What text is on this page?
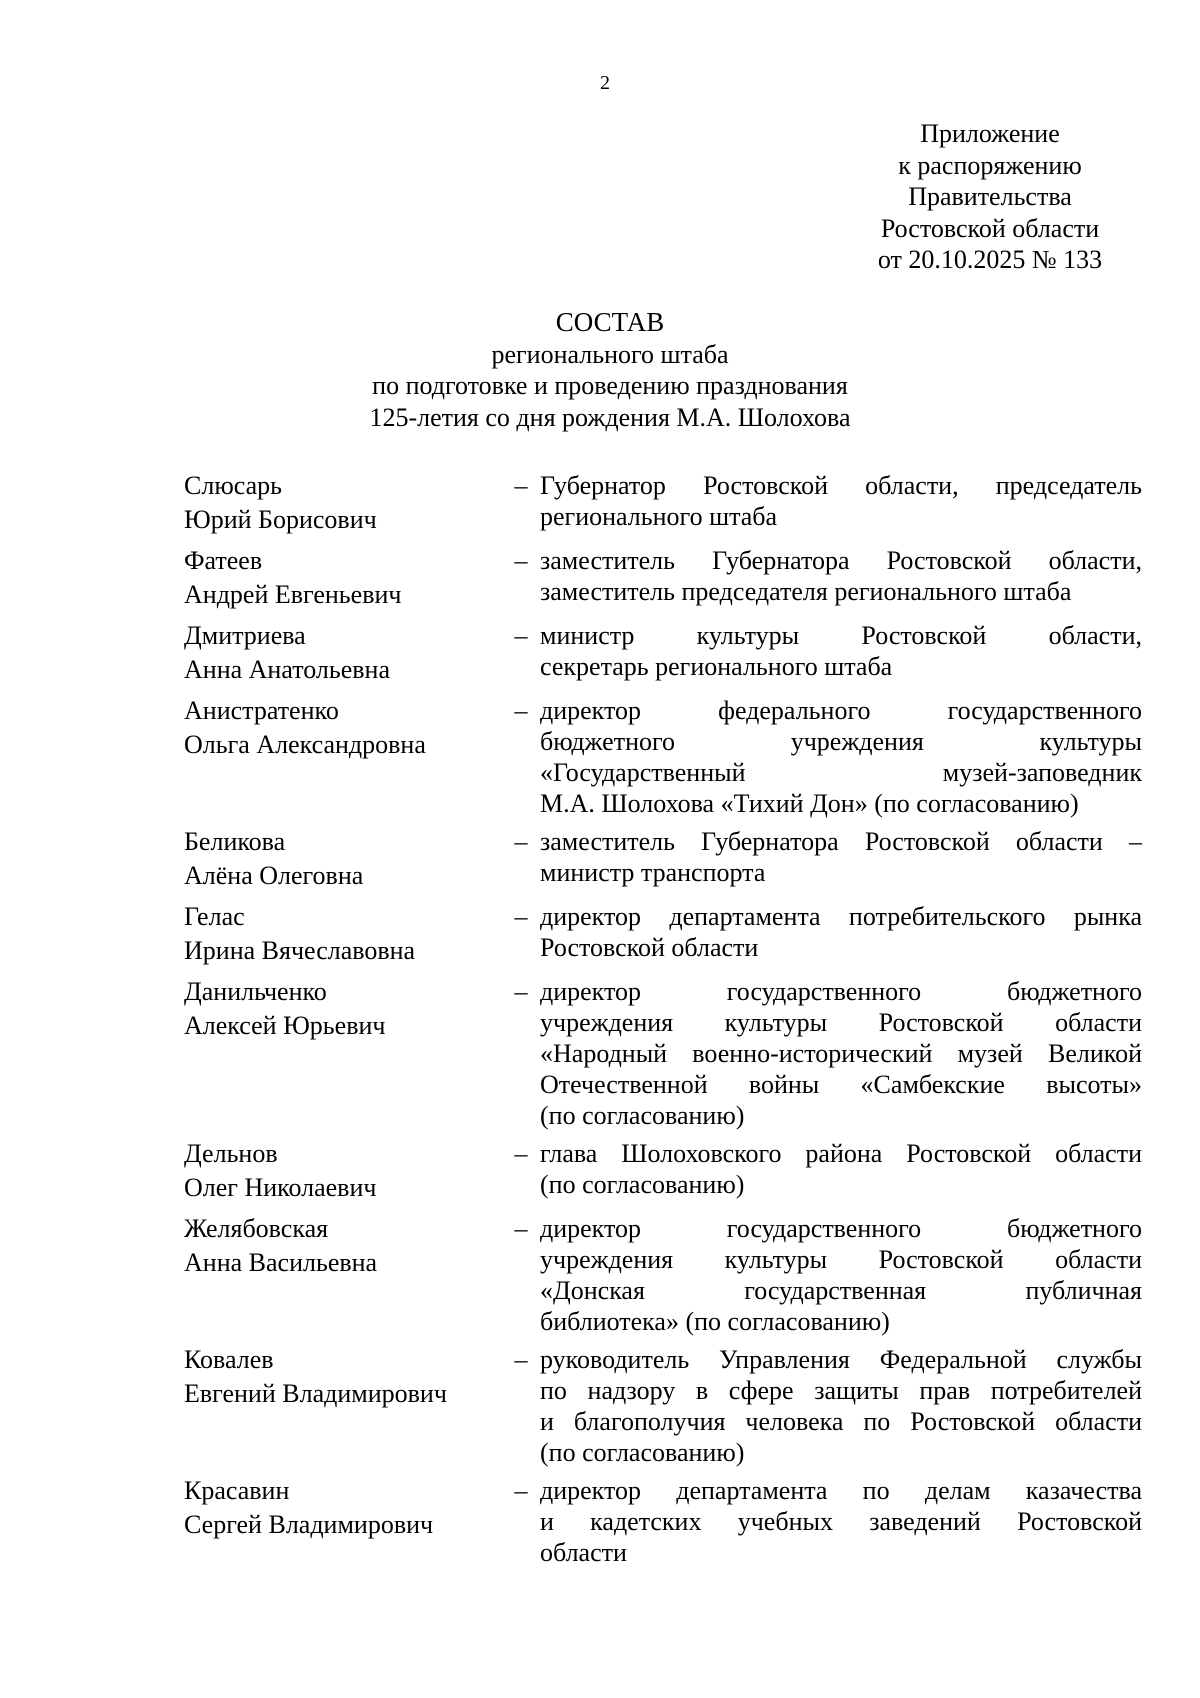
2
Приложение
к распоряжению
Правительства
Ростовской области
от 20.10.2025 № 133
СОСТАВ
регионального штаба
по подготовке и проведению празднования
125-летия со дня рождения М.А. Шолохова
Слюсарь
Юрий Борисович
– Губернатор Ростовской области, председатель
регионального штаба
Фатеев
Андрей Евгеньевич
– заместитель Губернатора Ростовской области,
заместитель председателя регионального штаба
Дмитриева
Анна Анатольевна
– министр культуры Ростовской области,
секретарь регионального штаба
Анистратенко
Ольга Александровна
– директор федерального государственного
бюджетного учреждения культуры
«Государственный музей-заповедник
М.А. Шолохова «Тихий Дон» (по согласованию)
Беликова
Алёна Олеговна
– заместитель Губернатора Ростовской области –
министр транспорта
Гелас
Ирина Вячеславовна
– директор департамента потребительского рынка
Ростовской области
Данильченко
Алексей Юрьевич
– директор государственного бюджетного
учреждения культуры Ростовской области
«Народный военно-исторический музей Великой
Отечественной войны «Самбекские высоты»
(по согласованию)
Дельнов
Олег Николаевич
– глава Шолоховского района Ростовской области
(по согласованию)
Желябовская
Анна Васильевна
– директор государственного бюджетного
учреждения культуры Ростовской области
«Донская государственная публичная
библиотека» (по согласованию)
Ковалев
Евгений Владимирович
– руководитель Управления Федеральной службы
по надзору в сфере защиты прав потребителей
и благополучия человека по Ростовской области
(по согласованию)
Красавин
Сергей Владимирович
– директор департамента по делам казачества
и кадетских учебных заведений Ростовской
области
